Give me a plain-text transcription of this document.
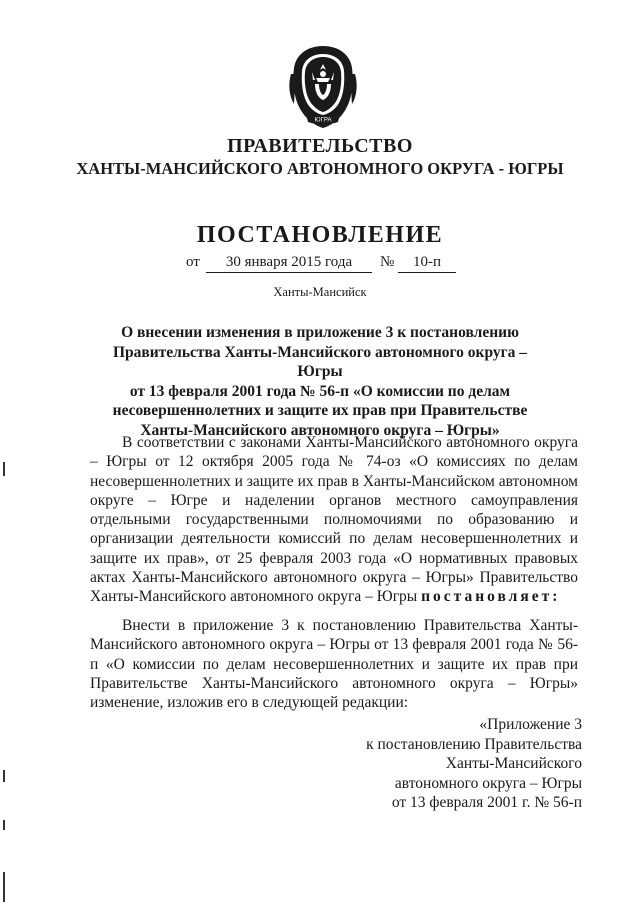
ЮГРА
ПРАВИТЕЛЬСТВО
ХАНТЫ-МАНСИЙСКОГО АВТОНОМНОГО ОКРУГА - ЮГРЫ
ПОСТАНОВЛЕНИЕ
от	30 января 2015 года	№	10-п
Ханты-Мансийск
О внесении изменения в приложение 3 к постановлению
Правительства Ханты-Мансийского автономного округа – Югры
от 13 февраля 2001 года № 56-п «О комиссии по делам
несовершеннолетних и защите их прав при Правительстве
Ханты-Мансийского автономного округа – Югры»
В соответствии с законами Ханты-Мансийского автономного округа – Югры от 12 октября 2005 года № 74-оз «О комиссиях по делам несовершеннолетних и защите их прав в Ханты-Мансийском автономном округе – Югре и наделении органов местного самоуправления отдельными государственными полномочиями по образованию и организации деятельности комиссий по делам несовершеннолетних и защите их прав», от 25 февраля 2003 года «О нормативных правовых актах Ханты-Мансийского автономного округа – Югры» Правительство Ханты-Мансийского автономного округа – Югры постановляет:
Внести в приложение 3 к постановлению Правительства Ханты-Мансийского автономного округа – Югры от 13 февраля 2001 года № 56-п «О комиссии по делам несовершеннолетних и защите их прав при Правительстве Ханты-Мансийского автономного округа – Югры» изменение, изложив его в следующей редакции:
«Приложение 3
к постановлению Правительства
Ханты-Мансийского
автономного округа – Югры
от 13 февраля 2001 г. № 56-п
